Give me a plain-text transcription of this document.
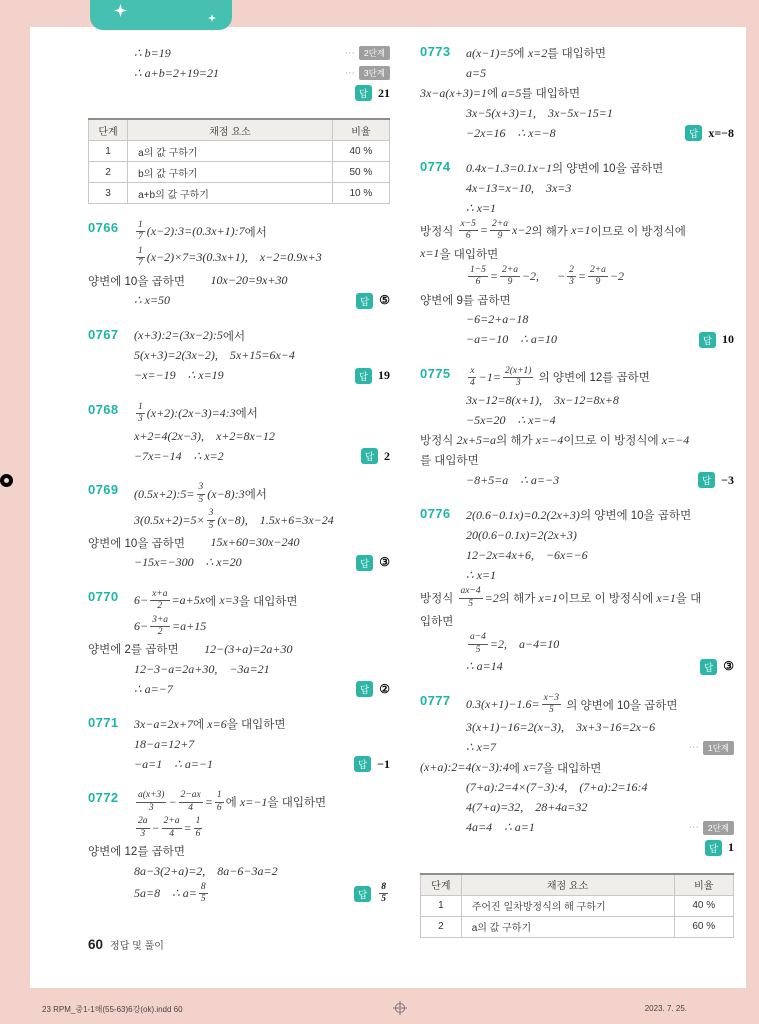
∴ b=19	⋯	2단계
∴ a+b=2+19=21	⋯	3단계
답 21
단계	채점 요소	비율
1	a의 값 구하기	40 %
2	b의 값 구하기	50 %
3	a+b의 값 구하기	10 %
$0766 \frac{1}{7}$ (x−2):3=(0.3x+1):7 에서
$\frac{1}{7} (x-2)\times 7=3(0.3x+1)$,    x−2=0.9x+3
양변에 10을 곱하면 10x−20=9x+30
∴ x=50	답 ⑤
0767 (x+3):2=(3x−2):5 에서
5(x+3)=2(3x−2),    5x+15=6x−4
−x=−19    ∴ x=19	답 19
$0768 \frac{1}{3}$ (x+2):(2x−3)=4:3 에서
x+2=4(2x−3),    x+2=8x−12
−7x=−14    ∴ x=2	답 2
0769 (0.5x+2):5= $\frac{3}{5}$ (x−8):3 에서
$3(0.5x+2)=5\times \frac{3}{5} (x-8)$,    1.5x+6=3x−24
양변에 10을 곱하면 15x+60=30x−240
−15x=−300    ∴ x=20	답 ③
0770 $6- \frac{x+a}{2} =a+5x$ 에 x=3 을 대입하면
$6- \frac{3+a}{2} =a+15$
양변에 2를 곱하면 12−(3+a)=2a+30
12−3−a=2a+30,    −3a=21
∴ a=−7	답 ②
0771 3x−a=2x+7 에 x=6 을 대입하면
18−a=12+7
−a=1    ∴ a=−1	답 −1
$0772 \frac{a(x+3)}{3} - \frac{2-ax}{4} = \frac{1}{6}$ 에 x=−1 을 대입하면
$\frac{2a}{3} - \frac{2+a}{4} = \frac{1}{6}$
양변에 12를 곱하면
8a−3(2+a)=2,    8a−6−3a=2
5a=8    ∴ $a= \frac{8}{5}$	답	$\frac{8}{5}$
0773 a(x−1)=5 에 x=2 를 대입하면
a=5
3x−a(x+3)=1 에 a=5 를 대입하면
3x−5(x+3)=1,    3x−5x−15=1
−2x=16    ∴ x=−8	답 x=−8
0774 0.4x−1.3=0.1x−1 의 양변에 10을 곱하면
4x−13=x−10,    3x=3
∴ x=1
방정식 $\frac{x-5}{6} = \frac{2+a}{9} x-2$ 의 해가 x=1 이므로 이 방정식에
x=1 을 대입하면
$\frac{1-5}{6} = \frac{2+a}{9} -2$,      − $\frac{2}{3} = \frac{2+a}{9} -2$
양변에 9를 곱하면
−6=2+a−18
−a=−10    ∴ a=10	답 10
$0775 \frac{x}{4} -1= \frac{2(x+1)}{3}$ 의 양변에 12를 곱하면
3x−12=8(x+1),    3x−12=8x+8
−5x=20    ∴ x=−4
방정식 2x+5=a 의 해가 x=−4 이므로 이 방정식에 x=−4
를 대입하면
−8+5=a    ∴ a=−3	답 −3
0776 2(0.6−0.1x)=0.2(2x+3) 의 양변에 10을 곱하면
20(0.6−0.1x)=2(2x+3)
12−2x=4x+6,    −6x=−6
∴ x=1
방정식 $\frac{ax-4}{5} =2$ 의 해가 x=1 이므로 이 방정식에 x=1 을 대
입하면
$\frac{a-4}{5} =2$,    a−4=10
∴ a=14	답 ③
0777 $0.3(x+1)-1.6= \frac{x-3}{5}$ 의 양변에 10을 곱하면
3(x+1)−16=2(x−3),    3x+3−16=2x−6
∴ x=7	⋯	1단계
(x+a):2=4(x−3):4 에 x=7 을 대입하면
(7+a):2=4×(7−3):4,    (7+a):2=16:4
4(7+a)=32,    28+4a=32
4a=4    ∴ a=1	⋯	2단계
답 1
단계	채점 요소	비율
1	주어진 일차방정식의 해 구하기	40 %
2	a의 값 구하기	60 %
60 정답 및 풀이
23 RPM_중1-1해(55-63)6강(ok).indd 60	2023. 7. 25.
